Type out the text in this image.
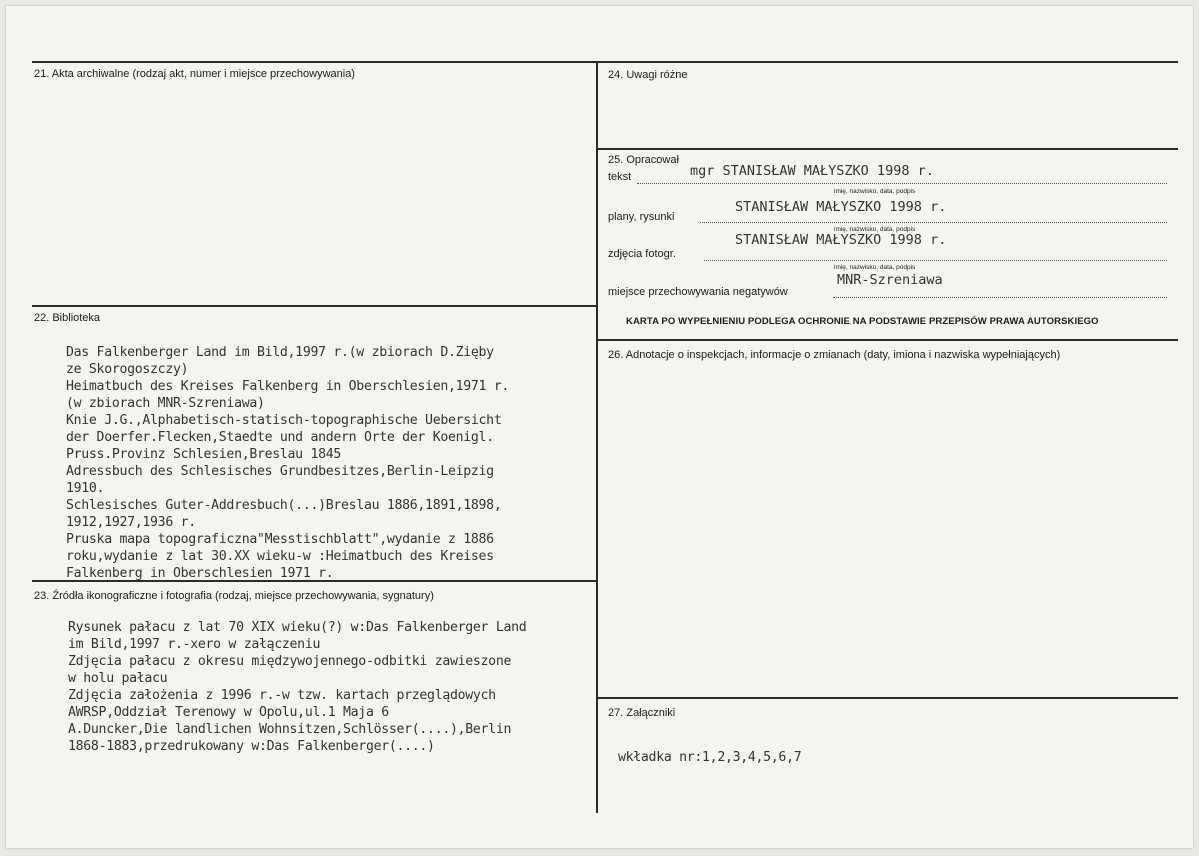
21. Akta archiwalne (rodzaj akt, numer i miejsce przechowywania)
22. Biblioteka
Das Falkenberger Land im Bild,1997 r.(w zbiorach D.Zięby
ze Skorogoszczy)
Heimatbuch des Kreises Falkenberg in Oberschlesien,1971 r.
(w zbiorach MNR-Szreniawa)
Knie J.G.,Alphabetisch-statisch-topographische Uebersicht
der Doerfer.Flecken,Staedte und andern Orte der Koenigl.
Pruss.Provinz Schlesien,Breslau 1845
Adressbuch des Schlesisches Grundbesitzes,Berlin-Leipzig
1910.
Schlesisches Guter-Addresbuch(...)Breslau 1886,1891,1898,
1912,1927,1936 r.
Pruska mapa topograficzna"Messtischblatt",wydanie z 1886
roku,wydanie z lat 30.XX wieku-w :Heimatbuch des Kreises
Falkenberg in Oberschlesien 1971 r.
23. Źródła ikonograficzne i fotografia (rodzaj, miejsce przechowywania, sygnatury)
Rysunek pałacu z lat 70 XIX wieku(?) w:Das Falkenberger Land
im Bild,1997 r.-xero w załączeniu
Zdjęcia pałacu z okresu międzywojennego-odbitki zawieszone
w holu pałacu
Zdjęcia założenia z 1996 r.-w tzw. kartach przeglądowych
AWRSP,Oddział Terenowy w Opolu,ul.1 Maja 6
A.Duncker,Die landlichen Wohnsitzen,Schlösser(....),Berlin
1868-1883,przedrukowany w:Das Falkenberger(....)
24. Uwagi różne
25. Opracował
tekst	mgr STANISŁAW MAŁYSZKO 1998 r.
imię, nazwisko, data, podpis
plany, rysunki
STANISŁAW MAŁYSZKO 1998 r.
imię, nazwisko, data, podpis
zdjęcia fotogr.
STANISŁAW MAŁYSZKO 1998 r.
imię, nazwisko, data, podpis
miejsce przechowywania negatywów
MNR-Szreniawa
KARTA PO WYPEŁNIENIU PODLEGA OCHRONIE NA PODSTAWIE PRZEPISÓW PRAWA AUTORSKIEGO
26. Adnotacje o inspekcjach, informacje o zmianach (daty, imiona i nazwiska wypełniających)
27. Załączniki
wkładka nr:1,2,3,4,5,6,7
